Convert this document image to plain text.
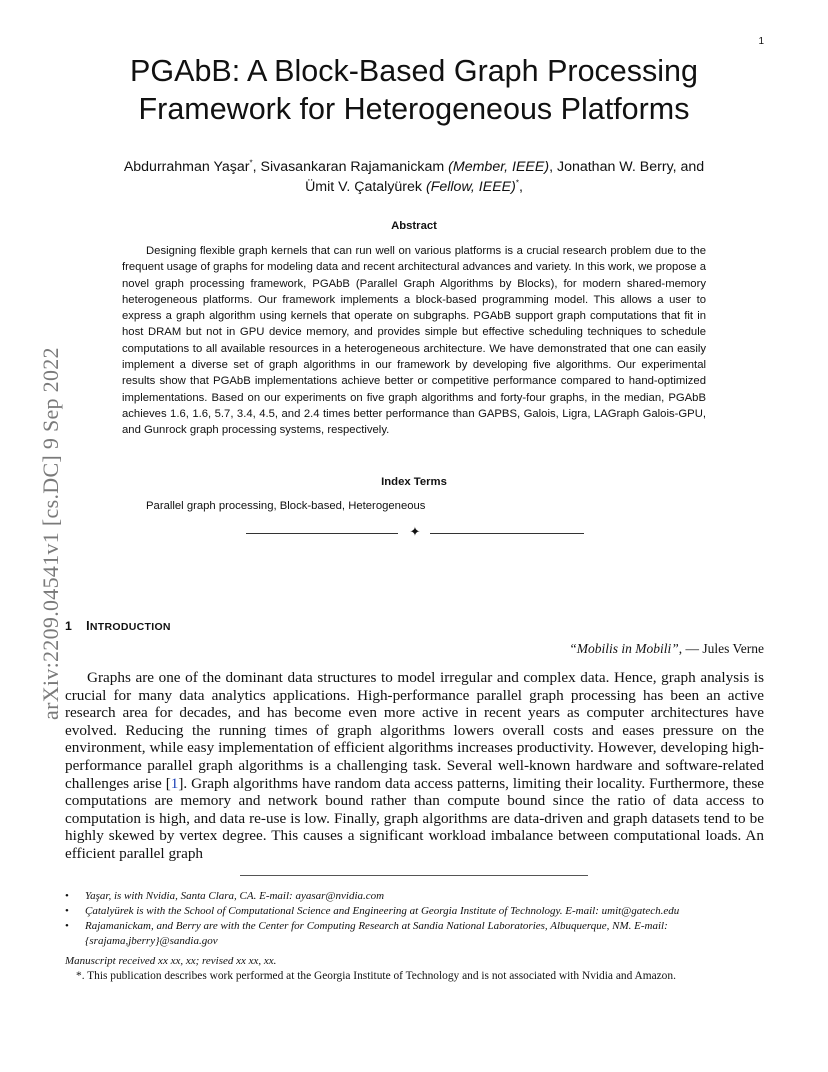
1
arXiv:2209.04541v1 [cs.DC] 9 Sep 2022
PGAbB: A Block-Based Graph Processing
Framework for Heterogeneous Platforms
Abdurrahman Yaşar*, Sivasankaran Rajamanickam (Member, IEEE), Jonathan W. Berry, and
Ümit V. Çatalyürek (Fellow, IEEE)*,
Abstract
Designing flexible graph kernels that can run well on various platforms is a crucial research problem due to the frequent usage of graphs for modeling data and recent architectural advances and variety. In this work, we propose a novel graph processing framework, PGAbB (Parallel Graph Algorithms by Blocks), for modern shared-memory heterogeneous platforms. Our framework implements a block-based programming model. This allows a user to express a graph algorithm using kernels that operate on subgraphs. PGAbB support graph computations that fit in host DRAM but not in GPU device memory, and provides simple but effective scheduling techniques to schedule computations to all available resources in a heterogeneous architecture. We have demonstrated that one can easily implement a diverse set of graph algorithms in our framework by developing five algorithms. Our experimental results show that PGAbB implementations achieve better or competitive performance compared to hand-optimized implementations. Based on our experiments on five graph algorithms and forty-four graphs, in the median, PGAbB achieves 1.6, 1.6, 5.7, 3.4, 4.5, and 2.4 times better performance than GAPBS, Galois, Ligra, LAGraph Galois-GPU, and Gunrock graph processing systems, respectively.
Index Terms
Parallel graph processing, Block-based, Heterogeneous
✦
1 INTRODUCTION
“Mobilis in Mobili”, — Jules Verne
Graphs are one of the dominant data structures to model irregular and complex data. Hence, graph analysis is crucial for many data analytics applications. High-performance parallel graph processing has been an active research area for decades, and has become even more active in recent years as computer architectures have evolved. Reducing the running times of graph algorithms lowers overall costs and eases pressure on the environment, while easy implementation of efficient algorithms increases productivity. However, developing high-performance parallel graph algorithms is a challenging task. Several well-known hardware and software-related challenges arise [1]. Graph algorithms have random data access patterns, limiting their locality. Furthermore, these computations are memory and network bound rather than compute bound since the ratio of data access to computation is high, and data re-use is low. Finally, graph algorithms are data-driven and graph datasets tend to be highly skewed by vertex degree. This causes a significant workload imbalance between computational loads. An efficient parallel graph
• Yaşar, is with Nvidia, Santa Clara, CA. E-mail: ayasar@nvidia.com
• Çatalyürek is with the School of Computational Science and Engineering at Georgia Institute of Technology. E-mail: umit@gatech.edu
• Rajamanickam, and Berry are with the Center for Computing Research at Sandia National Laboratories, Albuquerque, NM. E-mail: {srajama,jberry}@sandia.gov
Manuscript received xx xx, xx; revised xx xx, xx.
*. This publication describes work performed at the Georgia Institute of Technology and is not associated with Nvidia and Amazon.
